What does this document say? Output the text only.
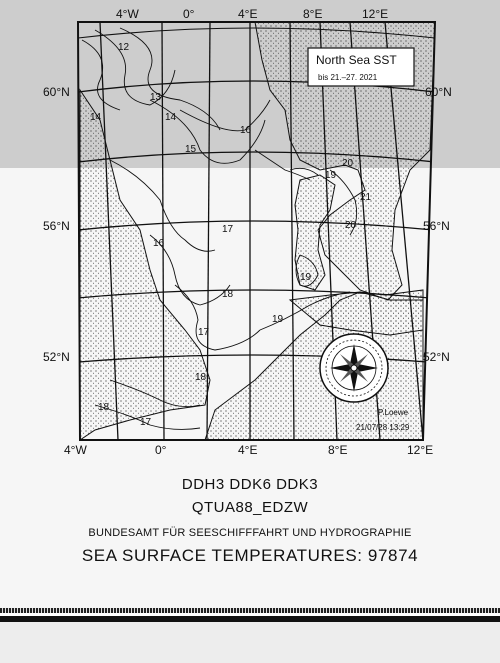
12
13
14
15
16
16
17
17
18
18
18
19
19
19
20
20
21
17
14
North Sea SST
bis 21.–27. 2021
4°W	0°	4°E	8°E	12°E
4°W	0°	4°E	8°E	12°E
60°N
56°N
52°N
60°N
56°N
52°N
P.Loewe
21/07/28 13:29
DDH3 DDK6 DDK3
QTUA88_EDZW
BUNDESAMT FÜR SEESCHIFFFAHRT UND HYDROGRAPHIE
SEA SURFACE TEMPERATURES: 97874
